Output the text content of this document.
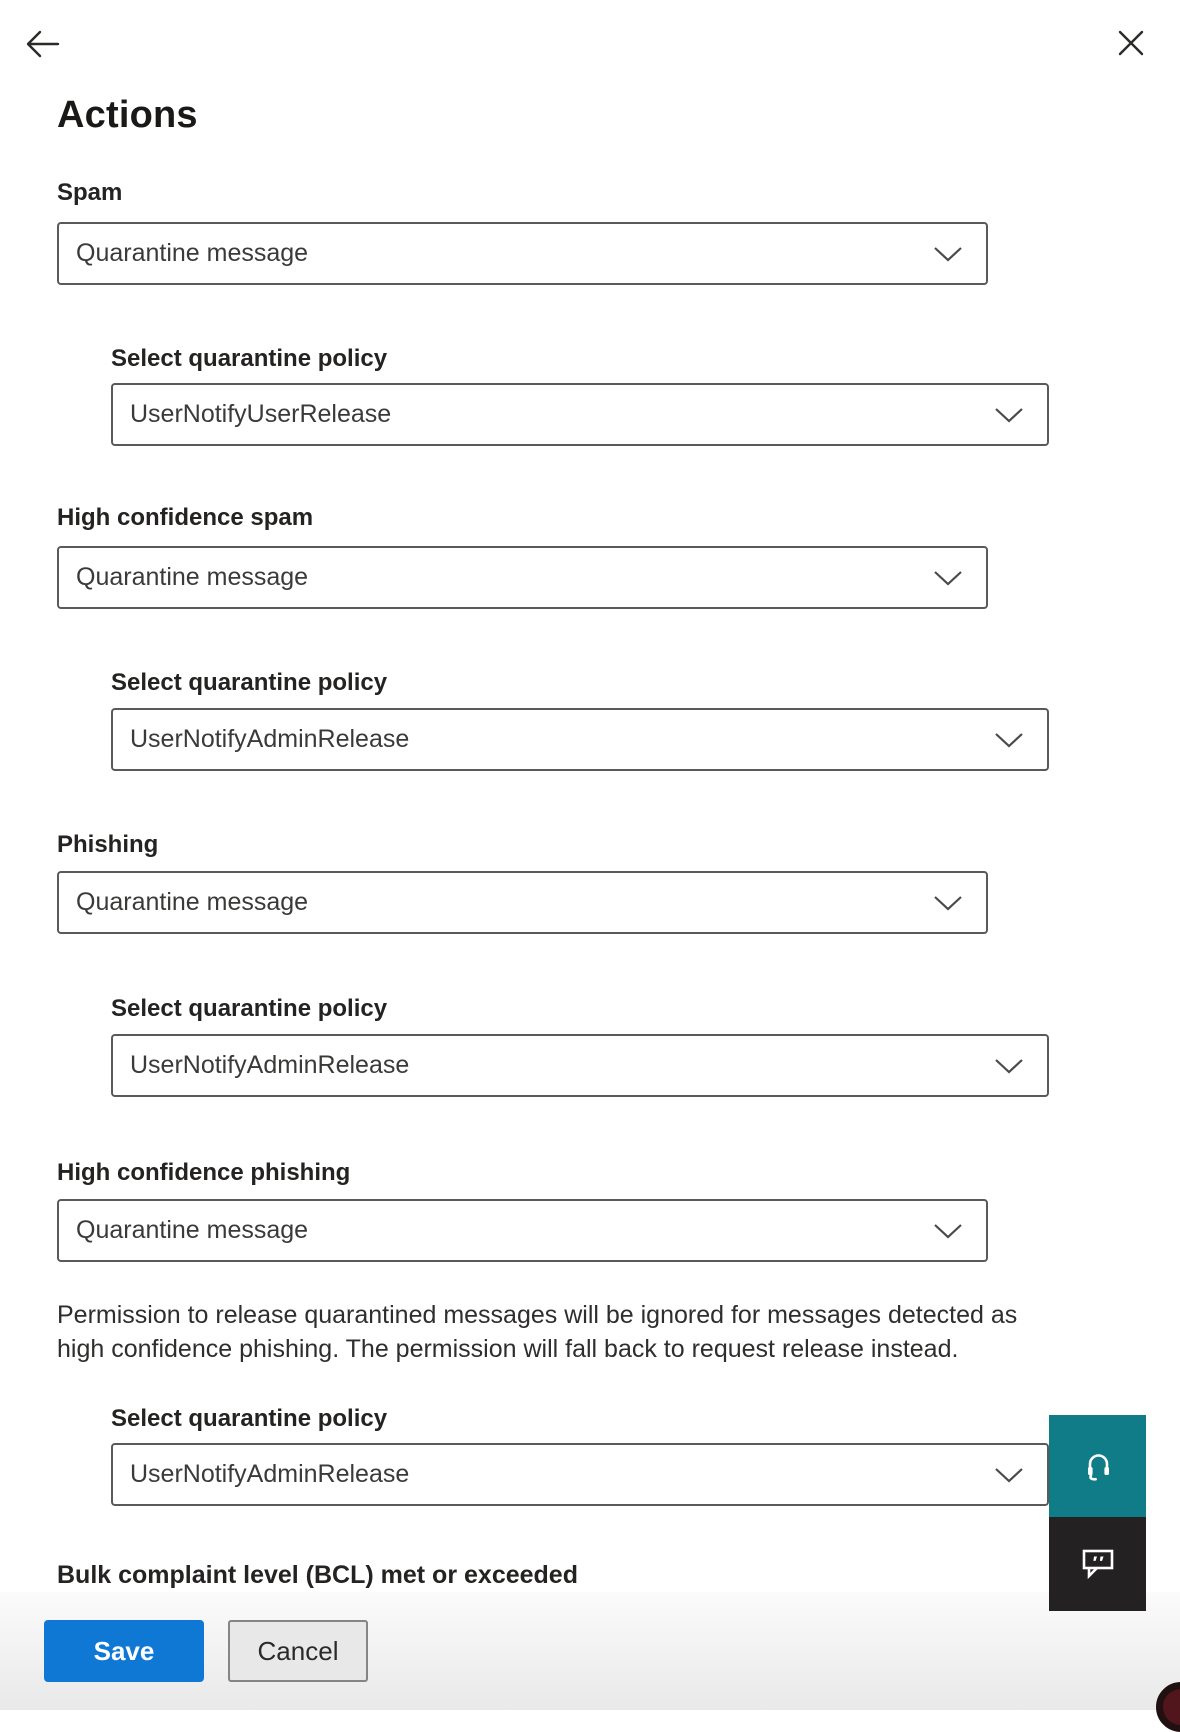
Actions
Spam
Quarantine message
Select quarantine policy
UserNotifyUserRelease
High confidence spam
Quarantine message
Select quarantine policy
UserNotifyAdminRelease
Phishing
Quarantine message
Select quarantine policy
UserNotifyAdminRelease
High confidence phishing
Quarantine message
Permission to release quarantined messages will be ignored for messages detected as high confidence phishing. The permission will fall back to request release instead.
Select quarantine policy
UserNotifyAdminRelease
Bulk complaint level (BCL) met or exceeded
Save	Cancel
